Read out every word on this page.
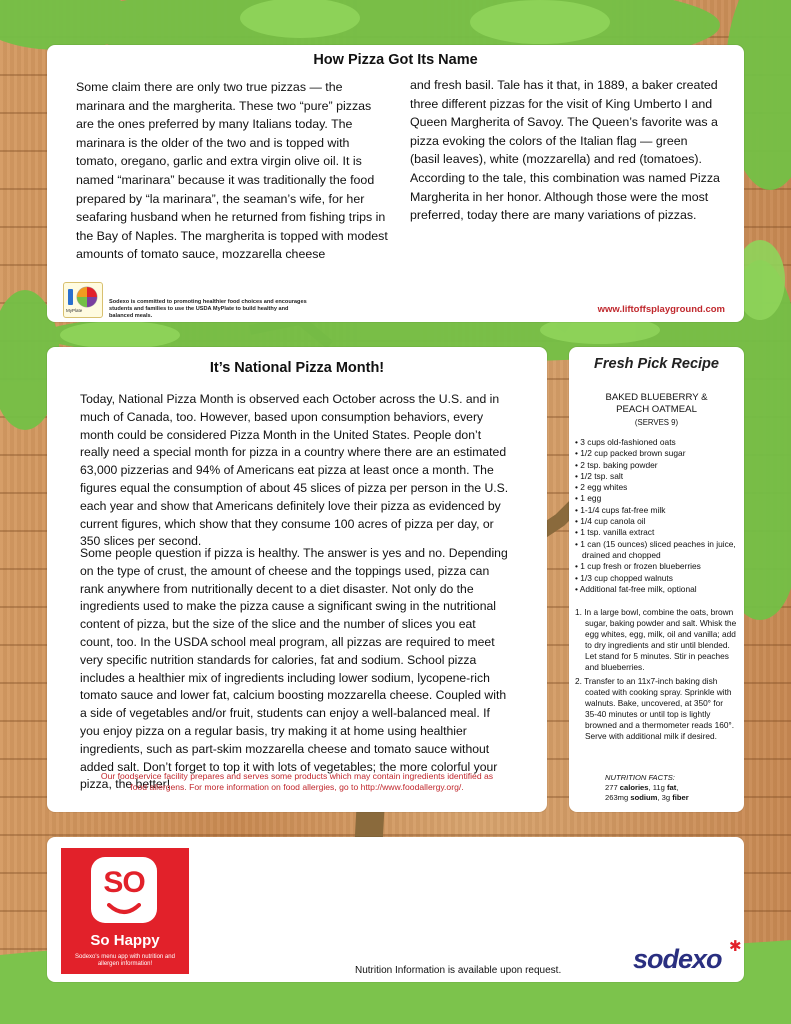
How Pizza Got Its Name

Some claim there are only two true pizzas — the marinara and the margherita. These two “pure” pizzas are the ones preferred by many Italians today. The marinara is the older of the two and is topped with tomato, oregano, garlic and extra virgin olive oil. It is named “marinara” because it was traditionally the food prepared by “la marinara”, the seaman’s wife, for her seafaring husband when he returned from fishing trips in the Bay of Naples. The margherita is topped with modest amounts of tomato sauce, mozzarella cheese

and fresh basil. Tale has it that, in 1889, a baker created three different pizzas for the visit of King Umberto I and Queen Margherita of Savoy. The Queen’s favorite was a pizza evoking the colors of the Italian flag — green (basil leaves), white (mozzarella) and red (tomatoes). According to the tale, this combination was named Pizza Margherita in her honor. Although those were the most preferred, today there are many variations of pizzas.

MyPlate

Sodexo is committed to promoting healthier food choices and encourages students and families to use the USDA MyPlate to build healthy and balanced meals.

www.liftoffsplayground.com

It’s National Pizza Month!

Today, National Pizza Month is observed each October across the U.S. and in much of Canada, too. However, based upon consumption behaviors, every month could be considered Pizza Month in the United States. People don’t really need a special month for pizza in a country where there are an estimated 63,000 pizzerias and 94% of Americans eat pizza at least once a month. The figures equal the consumption of about 45 slices of pizza per person in the U.S. each year and show that Americans definitely love their pizza as evidenced by current figures, which show that they consume 100 acres of pizza per day, or 350 slices per second.

Some people question if pizza is healthy. The answer is yes and no. Depending on the type of crust, the amount of cheese and the toppings used, pizza can rank anywhere from nutritionally decent to a diet disaster. Not only do the ingredients used to make the pizza cause a significant swing in the nutritional content of pizza, but the size of the slice and the number of slices you eat count, too. In the USDA school meal program, all pizzas are required to meet very specific nutrition standards for calories, fat and sodium. School pizza includes a healthier mix of ingredients including lower sodium, lycopene-rich tomato sauce and lower fat, calcium boosting mozzarella cheese. Coupled with a side of vegetables and/or fruit, students can enjoy a well-balanced meal. If you enjoy pizza on a regular basis, try making it at home using healthier ingredients, such as part-skim mozzarella cheese and tomato sauce without added salt. Don’t forget to top it with lots of vegetables; the more colorful your pizza, the better!

Our foodservice facility prepares and serves some products which may contain ingredients identified as
food allergens. For more information on food allergies, go to http://www.foodallergy.org/.

Fresh Pick Recipe

BAKED BLUEBERRY &
PEACH OATMEAL

(SERVES 9)

• 3 cups old-fashioned oats
• 1/2 cup packed brown sugar
• 2 tsp. baking powder
• 1/2 tsp. salt
• 2 egg whites
• 1 egg
• 1-1/4 cups fat-free milk
• 1/4 cup canola oil
• 1 tsp. vanilla extract
• 1 can (15 ounces) sliced peaches in juice, drained and chopped
• 1 cup fresh or frozen blueberries
• 1/3 cup chopped walnuts
• Additional fat-free milk, optional
1. In a large bowl, combine the oats, brown sugar, baking powder and salt. Whisk the egg whites, egg, milk, oil and vanilla; add to dry ingredients and stir until blended. Let stand for 5 minutes. Stir in peaches and blueberries.
2. Transfer to an 11x7-inch baking dish coated with cooking spray. Sprinkle with walnuts. Bake, uncovered, at 350° for 35-40 minutes or until top is lightly browned and a thermometer reads 160°. Serve with additional milk if desired.

NUTRITION FACTS:
277 calories, 11g fat,
263mg sodium, 3g fiber

SO
So Happy
Sodexo's menu app with nutrition and allergen information!

Nutrition Information is available upon request.	sodexo ✱
